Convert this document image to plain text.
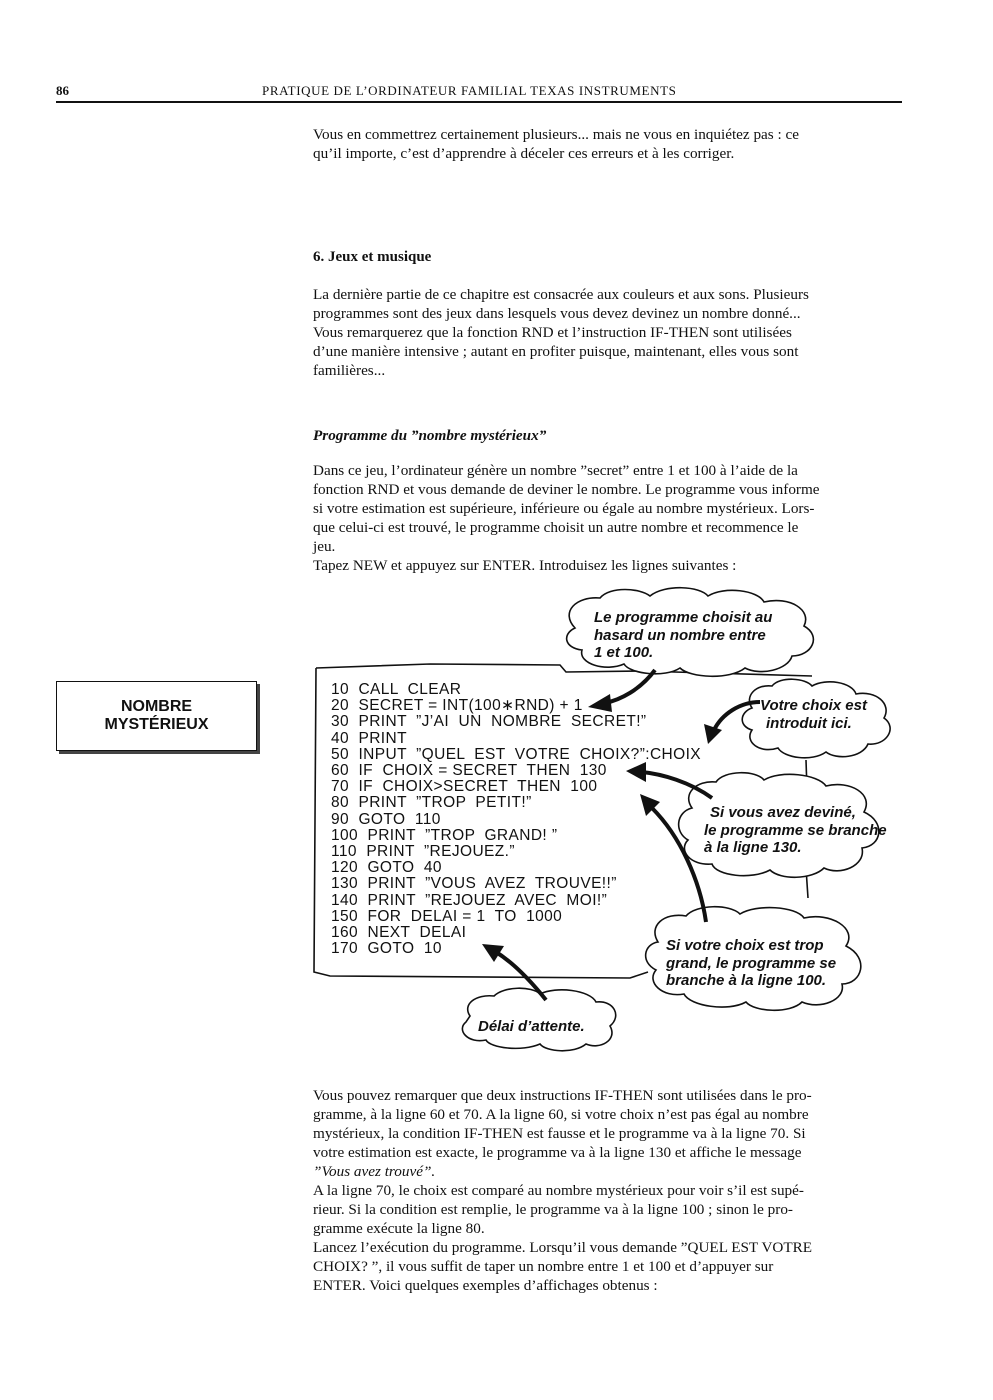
86	PRATIQUE DE L’ORDINATEUR FAMILIAL TEXAS INSTRUMENTS
Vous en commettrez certainement plusieurs... mais ne vous en inquiétez pas : ce
qu’il importe, c’est d’apprendre à déceler ces erreurs et à les corriger.
6. Jeux et musique
La dernière partie de ce chapitre est consacrée aux couleurs et aux sons. Plusieurs
programmes sont des jeux dans lesquels vous devez devinez un nombre donné...
Vous remarquerez que la fonction RND et l’instruction IF-THEN sont utilisées
d’une manière intensive ; autant en profiter puisque, maintenant, elles vous sont
familières...
Programme du ”nombre mystérieux”
Dans ce jeu, l’ordinateur génère un nombre ”secret” entre 1 et 100 à l’aide de la
fonction RND et vous demande de deviner le nombre. Le programme vous informe
si votre estimation est supérieure, inférieure ou égale au nombre mystérieux. Lors-
que celui-ci est trouvé, le programme choisit un autre nombre et recommence le
jeu.
Tapez NEW et appuyez sur ENTER. Introduisez les lignes suivantes :
NOMBRE
MYSTÉRIEUX
10  CALL  CLEAR
20  SECRET = INT(100∗RND) + 1
30  PRINT  ”J’AI  UN  NOMBRE  SECRET!”
40  PRINT
50  INPUT  ”QUEL  EST  VOTRE  CHOIX?”:CHOIX
60  IF  CHOIX = SECRET  THEN  130
70  IF  CHOIX>SECRET  THEN  100
80  PRINT  ”TROP  PETIT!”
90  GOTO  110
100  PRINT  ”TROP  GRAND! ”
110  PRINT  ”REJOUEZ.”
120  GOTO  40
130  PRINT  ”VOUS  AVEZ  TROUVE!!”
140  PRINT  ”REJOUEZ  AVEC  MOI!”
150  FOR  DELAI = 1  TO  1000
160  NEXT  DELAI
170  GOTO  10
Le programme choisit au
hasard un nombre entre
1 et 100.
Votre choix est
introduit ici.
Si vous avez deviné,
le programme se branche
à la ligne 130.
Si votre choix est trop
grand, le programme se
branche à la ligne 100.
Délai d’attente.
Vous pouvez remarquer que deux instructions IF-THEN sont utilisées dans le pro-
gramme, à la ligne 60 et 70. A la ligne 60, si votre choix n’est pas égal au nombre
mystérieux, la condition IF-THEN est fausse et le programme va à la ligne 70. Si
votre estimation est exacte, le programme va à la ligne 130 et affiche le message
”Vous avez trouvé”.
A la ligne 70, le choix est comparé au nombre mystérieux pour voir s’il est supé-
rieur. Si la condition est remplie, le programme va à la ligne 100 ; sinon le pro-
gramme exécute la ligne 80.
Lancez l’exécution du programme. Lorsqu’il vous demande ”QUEL EST VOTRE
CHOIX? ”, il vous suffit de taper un nombre entre 1 et 100 et d’appuyer sur
ENTER. Voici quelques exemples d’affichages obtenus :
